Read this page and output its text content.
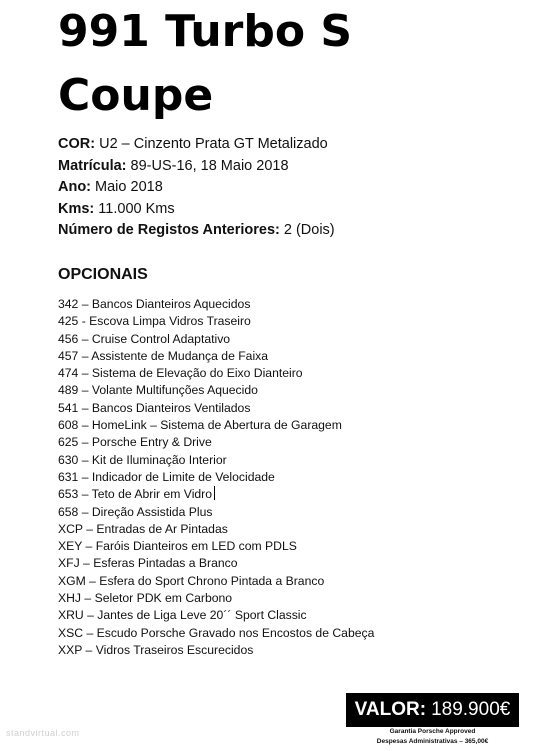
991 Turbo S
Coupe
COR: U2 – Cinzento Prata GT Metalizado
Matrícula: 89-US-16, 18 Maio 2018
Ano: Maio 2018
Kms: 11.000 Kms
Número de Registos Anteriores: 2 (Dois)
OPCIONAIS
342 – Bancos Dianteiros Aquecidos
425 - Escova Limpa Vidros Traseiro
456 – Cruise Control Adaptativo
457 – Assistente de Mudança de Faixa
474 – Sistema de Elevação do Eixo Dianteiro
489 – Volante Multifunções Aquecido
541 – Bancos Dianteiros Ventilados
608 – HomeLink – Sistema de Abertura de Garagem
625 – Porsche Entry & Drive
630 – Kit de Iluminação Interior
631 – Indicador de Limite de Velocidade
653 – Teto de Abrir em Vidro
658 – Direção Assistida Plus
XCP – Entradas de Ar Pintadas
XEY – Faróis Dianteiros em LED com PDLS
XFJ – Esferas Pintadas a Branco
XGM – Esfera do Sport Chrono Pintada a Branco
XHJ – Seletor PDK em Carbono
XRU – Jantes de Liga Leve 20´´ Sport Classic
XSC – Escudo Porsche Gravado nos Encostos de Cabeça
XXP – Vidros Traseiros Escurecidos
VALOR: 189.900€
Garantia Porsche Approved
Despesas Administrativas – 365,00€
standvirtual.com
